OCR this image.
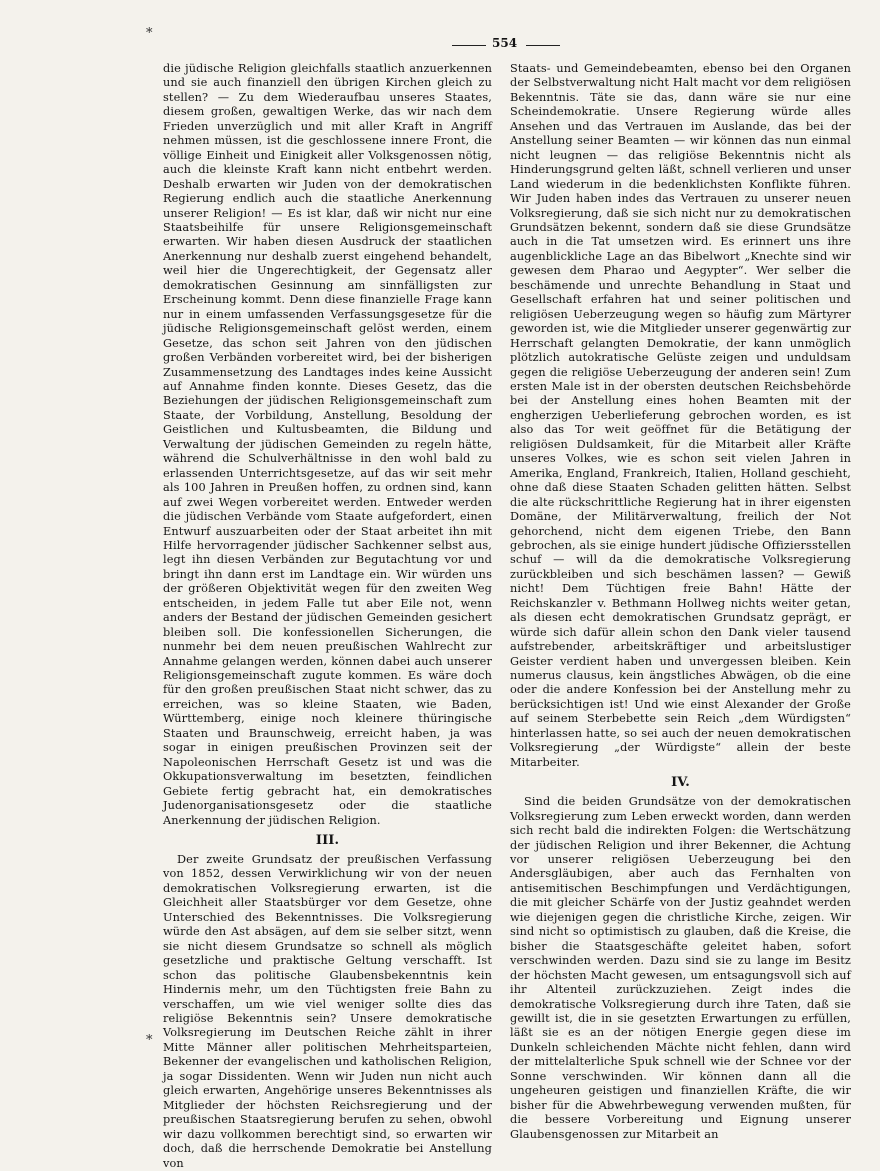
*
*
554

die jüdische Religion gleichfalls staatlich anzuerkennen und sie auch finanziell den übrigen Kirchen gleich zu stellen? — Zu dem Wiederaufbau unseres Staates, diesem großen, gewaltigen Werke, das wir nach dem Frieden unverzüglich und mit aller Kraft in Angriff nehmen müssen, ist die geschlossene innere Front, die völlige Einheit und Einigkeit aller Volksgenossen nötig, auch die kleinste Kraft kann nicht entbehrt werden. Deshalb erwarten wir Juden von der demokratischen Regierung endlich auch die staatliche Anerkennung unserer Religion! — Es ist klar, daß wir nicht nur eine Staatsbeihilfe für unsere Religionsgemeinschaft erwarten. Wir haben diesen Ausdruck der staatlichen Anerkennung nur deshalb zuerst eingehend behandelt, weil hier die Ungerechtigkeit, der Gegensatz aller demokratischen Gesinnung am sinnfälligsten zur Erscheinung kommt. Denn diese finanzielle Frage kann nur in einem umfassenden Verfassungsgesetze für die jüdische Religionsgemeinschaft gelöst werden, einem Gesetze, das schon seit Jahren von den jüdischen großen Verbänden vorbereitet wird, bei der bisherigen Zusammensetzung des Landtages indes keine Aussicht auf Annahme finden konnte. Dieses Gesetz, das die Beziehungen der jüdischen Religionsgemeinschaft zum Staate, der Vorbildung, Anstellung, Besoldung der Geistlichen und Kultusbeamten, die Bildung und Verwaltung der jüdischen Gemeinden zu regeln hätte, während die Schulverhältnisse in den wohl bald zu erlassenden Unterrichtsgesetze, auf das wir seit mehr als 100 Jahren in Preußen hoffen, zu ordnen sind, kann auf zwei Wegen vorbereitet werden. Entweder werden die jüdischen Verbände vom Staate aufgefordert, einen Entwurf auszuarbeiten oder der Staat arbeitet ihn mit Hilfe hervorragender jüdischer Sachkenner selbst aus, legt ihn diesen Verbänden zur Begutachtung vor und bringt ihn dann erst im Landtage ein. Wir würden uns der größeren Objektivität wegen für den zweiten Weg entscheiden, in jedem Falle tut aber Eile not, wenn anders der Bestand der jüdischen Gemeinden gesichert bleiben soll. Die konfessionellen Sicherungen, die nunmehr bei dem neuen preußischen Wahlrecht zur Annahme gelangen werden, können dabei auch unserer Religionsgemeinschaft zugute kommen. Es wäre doch für den großen preußischen Staat nicht schwer, das zu erreichen, was so kleine Staaten, wie Baden, Württemberg, einige noch kleinere thüringische Staaten und Braunschweig, erreicht haben, ja was sogar in einigen preußischen Provinzen seit der Napoleonischen Herrschaft Gesetz ist und was die Okkupationsverwaltung im besetzten, feindlichen Gebiete fertig gebracht hat, ein demokratisches Judenorganisationsgesetz oder die staatliche Anerkennung der jüdischen Religion.

III.

Der zweite Grundsatz der preußischen Verfassung von 1852, dessen Verwirklichung wir von der neuen demokratischen Volksregierung erwarten, ist die Gleichheit aller Staatsbürger vor dem Gesetze, ohne Unterschied des Bekenntnisses. Die Volksregierung würde den Ast absägen, auf dem sie selber sitzt, wenn sie nicht diesem Grundsatze so schnell als möglich gesetzliche und praktische Geltung verschafft. Ist schon das politische Glaubensbekenntnis kein Hindernis mehr, um den Tüchtigsten freie Bahn zu verschaffen, um wie viel weniger sollte dies das religiöse Bekenntnis sein? Unsere demokratische Volksregierung im Deutschen Reiche zählt in ihrer Mitte Männer aller politischen Mehrheitsparteien, Bekenner der evangelischen und katholischen Religion, ja sogar Dissidenten. Wenn wir Juden nun nicht auch gleich erwarten, Angehörige unseres Bekenntnisses als Mitglieder der höchsten Reichsregierung und der preußischen Staatsregierung berufen zu sehen, obwohl wir dazu vollkommen berechtigt sind, so erwarten wir doch, daß die herrschende Demokratie bei Anstellung von

Staats- und Gemeindebeamten, ebenso bei den Organen der Selbstverwaltung nicht Halt macht vor dem religiösen Bekenntnis. Täte sie das, dann wäre sie nur eine Scheindemokratie. Unsere Regierung würde alles Ansehen und das Vertrauen im Auslande, das bei der Anstellung seiner Beamten — wir können das nun einmal nicht leugnen — das religiöse Bekenntnis nicht als Hinderungsgrund gelten läßt, schnell verlieren und unser Land wiederum in die bedenklichsten Konflikte führen. Wir Juden haben indes das Vertrauen zu unserer neuen Volksregierung, daß sie sich nicht nur zu demokratischen Grundsätzen bekennt, sondern daß sie diese Grundsätze auch in die Tat umsetzen wird. Es erinnert uns ihre augenblickliche Lage an das Bibelwort „Knechte sind wir gewesen dem Pharao und Aegypter“. Wer selber die beschämende und unrechte Behandlung in Staat und Gesellschaft erfahren hat und seiner politischen und religiösen Ueberzeugung wegen so häufig zum Märtyrer geworden ist, wie die Mitglieder unserer gegenwärtig zur Herrschaft gelangten Demokratie, der kann unmöglich plötzlich autokratische Gelüste zeigen und unduldsam gegen die religiöse Ueberzeugung der anderen sein! Zum ersten Male ist in der obersten deutschen Reichsbehörde bei der Anstellung eines hohen Beamten mit der engherzigen Ueberlieferung gebrochen worden, es ist also das Tor weit geöffnet für die Betätigung der religiösen Duldsamkeit, für die Mitarbeit aller Kräfte unseres Volkes, wie es schon seit vielen Jahren in Amerika, England, Frankreich, Italien, Holland geschieht, ohne daß diese Staaten Schaden gelitten hätten. Selbst die alte rückschrittliche Regierung hat in ihrer eigensten Domäne, der Militärverwaltung, freilich der Not gehorchend, nicht dem eigenen Triebe, den Bann gebrochen, als sie einige hundert jüdische Offiziersstellen schuf — will da die demokratische Volksregierung zurückbleiben und sich beschämen lassen? — Gewiß nicht! Dem Tüchtigen freie Bahn! Hätte der Reichskanzler v. Bethmann Hollweg nichts weiter getan, als diesen echt demokratischen Grundsatz geprägt, er würde sich dafür allein schon den Dank vieler tausend aufstrebender, arbeitskräftiger und arbeitslustiger Geister verdient haben und unvergessen bleiben. Kein numerus clausus, kein ängstliches Abwägen, ob die eine oder die andere Konfession bei der Anstellung mehr zu berücksichtigen ist! Und wie einst Alexander der Große auf seinem Sterbebette sein Reich „dem Würdigsten“ hinterlassen hatte, so sei auch der neuen demokratischen Volksregierung „der Würdigste“ allein der beste Mitarbeiter.

IV.

Sind die beiden Grundsätze von der demokratischen Volksregierung zum Leben erweckt worden, dann werden sich recht bald die indirekten Folgen: die Wertschätzung der jüdischen Religion und ihrer Bekenner, die Achtung vor unserer religiösen Ueberzeugung bei den Andersgläubigen, aber auch das Fernhalten von antisemitischen Beschimpfungen und Verdächtigungen, die mit gleicher Schärfe von der Justiz geahndet werden wie diejenigen gegen die christliche Kirche, zeigen. Wir sind nicht so optimistisch zu glauben, daß die Kreise, die bisher die Staatsgeschäfte geleitet haben, sofort verschwinden werden. Dazu sind sie zu lange im Besitz der höchsten Macht gewesen, um entsagungsvoll sich auf ihr Altenteil zurückzuziehen. Zeigt indes die demokratische Volksregierung durch ihre Taten, daß sie gewillt ist, die in sie gesetzten Erwartungen zu erfüllen, läßt sie es an der nötigen Energie gegen diese im Dunkeln schleichenden Mächte nicht fehlen, dann wird der mittelalterliche Spuk schnell wie der Schnee vor der Sonne verschwinden. Wir können dann all die ungeheuren geistigen und finanziellen Kräfte, die wir bisher für die Abwehrbewegung verwenden mußten, für die bessere Vorbereitung und Eignung unserer Glaubensgenossen zur Mitarbeit an
